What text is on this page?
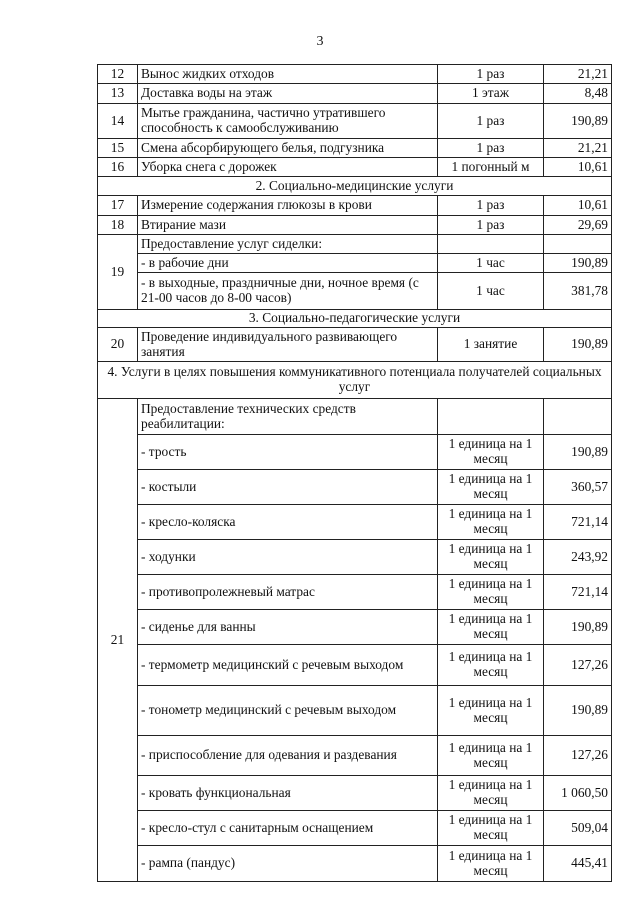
3
12	Вынос жидких отходов	1 раз	21,21
13	Доставка воды на этаж	1 этаж	8,48
14	Мытье гражданина, частично утратившего способность к самообслуживанию	1 раз	190,89
15	Смена абсорбирующего белья, подгузника	1 раз	21,21
16	Уборка снега с дорожек	1 погонный м	10,61
2. Социально-медицинские услуги			
17	Измерение содержания глюкозы в крови	1 раз	10,61
18	Втирание мази	1 раз	29,69
19	Предоставление услуг сиделки:		
	- в рабочие дни	1 час	190,89
	- в выходные, праздничные дни, ночное время (с 21-00 часов до 8-00 часов)	1 час	381,78
3. Социально-педагогические услуги			
20	Проведение индивидуального развивающего занятия	1 занятие	190,89
4. Услуги в целях повышения коммуникативного потенциала получателей социальных услуг			
21	Предоставление технических средств реабилитации:		
	- трость	1 единица на 1 месяц	190,89
	- костыли	1 единица на 1 месяц	360,57
	- кресло-коляска	1 единица на 1 месяц	721,14
	- ходунки	1 единица на 1 месяц	243,92
	- противопролежневый матрас	1 единица на 1 месяц	721,14
	- сиденье для ванны	1 единица на 1 месяц	190,89
	- термометр медицинский с речевым выходом	1 единица на 1 месяц	127,26
	- тонометр медицинский с речевым выходом	1 единица на 1 месяц	190,89
	- приспособление для одевания и раздевания	1 единица на 1 месяц	127,26
	- кровать функциональная	1 единица на 1 месяц	1 060,50
	- кресло-стул с санитарным оснащением	1 единица на 1 месяц	509,04
	- рампа (пандус)	1 единица на 1 месяц	445,41
